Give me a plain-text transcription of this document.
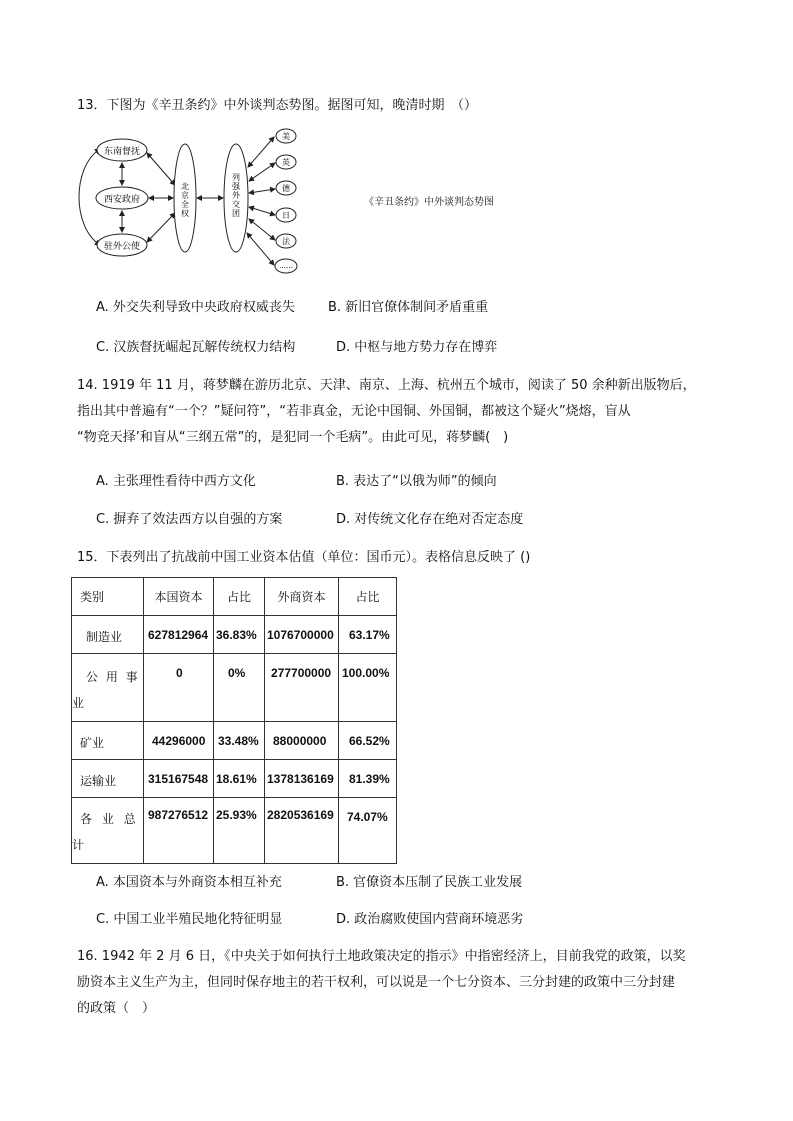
13．下图为《辛丑条约》中外谈判态势图。据图可知，晚清时期　（）
东南督抚
西安政府
驻外公使
北京全权
列强外交团
美
英
德
日
法
……
《辛丑条约》中外谈判态势图
A. 外交失利导致中央政府权威丧失	B. 新旧官僚体制间矛盾重重
C. 汉族督抚崛起瓦解传统权力结构	D. 中枢与地方势力存在博弈
14. 1919 年 11 月，蒋梦麟在游历北京、天津、南京、上海、杭州五个城市，阅读了 50 余种新出版物后，
指出其中普遍有“一个？”疑问符”，“若非真金，无论中国铜、外国铜，都被这个疑火”烧熔，盲从
“物竞天择’和盲从“三纲五常”的，是犯同一个毛病”。由此可见，蒋梦麟(　)
A. 主张理性看待中西方文化	B. 表达了“以俄为师”的倾向
C. 摒弃了效法西方以自强的方案	D. 对传统文化存在绝对否定态度
15．下表列出了抗战前中国工业资本估值（单位：国币元）。表格信息反映了 ()
类别	本国资本	占比	外商资本	占比
制造业	627812964	36.83%	1076700000	63.17%

公 用 事
业	0	0%	277700000	100.00%
矿业	44296000	33.48%	88000000	66.52%
运输业	315167548	18.61%	1378136169	81.39%

各 业 总
计	987276512	25.93%	2820536169	74.07%
A. 本国资本与外商资本相互补充	B. 官僚资本压制了民族工业发展
C. 中国工业半殖民地化特征明显	D. 政治腐败使国内营商环境恶劣
16. 1942 年 2 月 6 日，《中央关于如何执行土地政策决定的指示》中指密经济上，目前我党的政策，以奖
励资本主义生产为主，但同时保存地主的若干权利，可以说是一个七分资本、三分封建的政策中三分封建
的政策（　）
